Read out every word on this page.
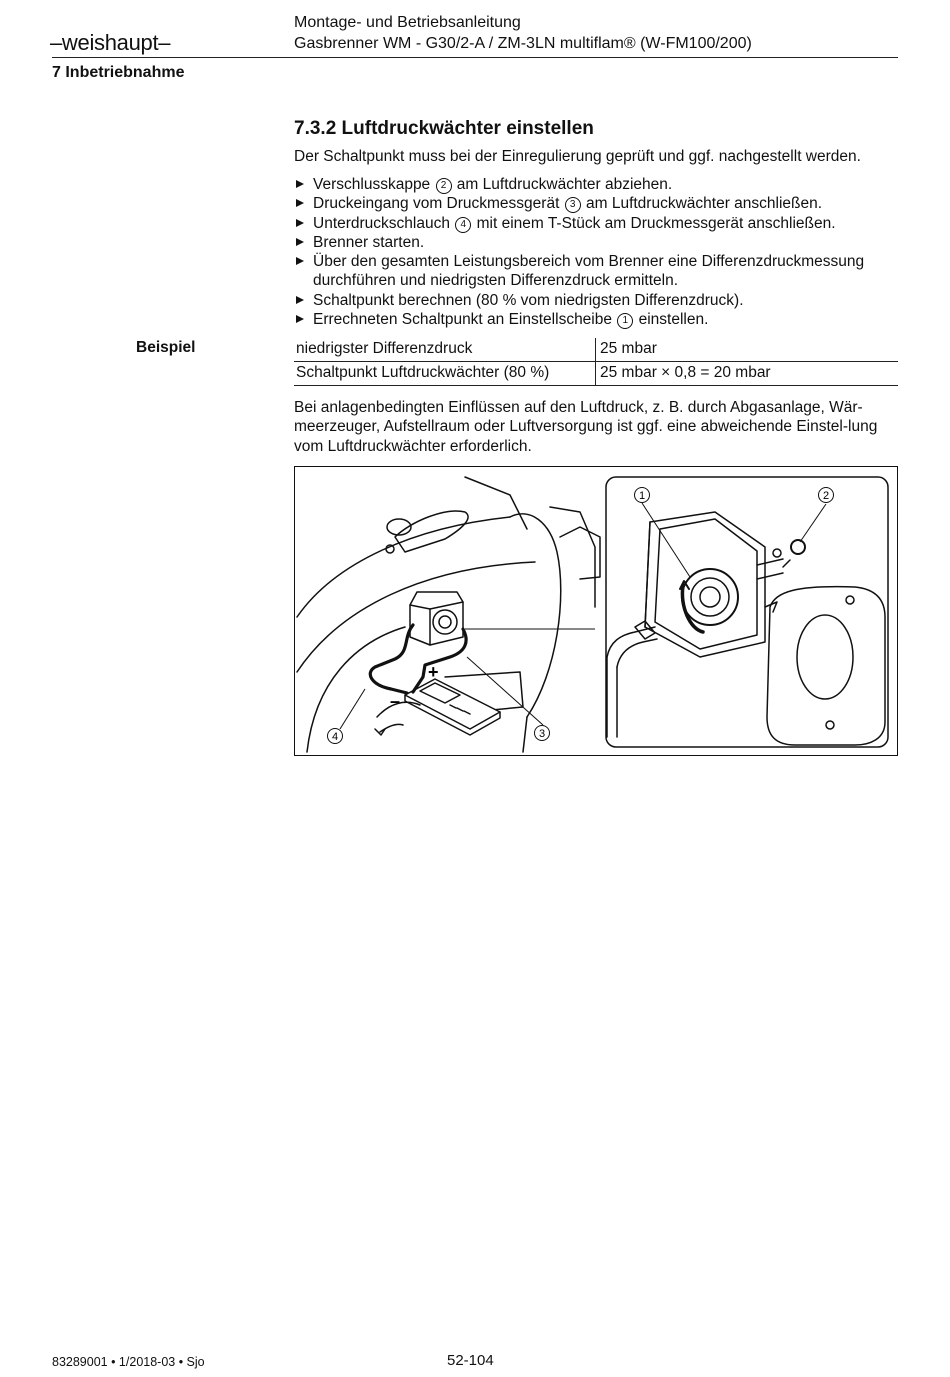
–weishaupt–
Montage- und Betriebsanleitung
Gasbrenner WM - G30/2-A / ZM-3LN multiflam® (W-FM100/200)
7 Inbetriebnahme
7.3.2 Luftdruckwächter einstellen
Der Schaltpunkt muss bei der Einregulierung geprüft und ggf. nachgestellt werden.
Verschlusskappe 2 am Luftdruckwächter abziehen.
Druckeingang vom Druckmessgerät 3 am Luftdruckwächter anschließen.
Unterdruckschlauch 4 mit einem T-Stück am Druckmessgerät anschließen.
Brenner starten.
Über den gesamten Leistungsbereich vom Brenner eine Differenzdruckmessung durchführen und niedrigsten Differenzdruck ermitteln.
Schaltpunkt berechnen (80 % vom niedrigsten Differenzdruck).
Errechneten Schaltpunkt an Einstellscheibe 1 einstellen.
Beispiel	niedrigster Differenzdruck	25 mbar
Schaltpunkt Luftdruckwächter (80 %)	25 mbar × 0,8 = 20 mbar
Bei anlagenbedingten Einflüssen auf den Luftdruck, z. B. durch Abgasanlage, Wär-meerzeuger, Aufstellraum oder Luftversorgung ist ggf. eine abweichende Einstel-lung vom Luftdruckwächter erforderlich.
+
–
1	2
3
4
83289001 • 1/2018-03 • Sjo	52-104
